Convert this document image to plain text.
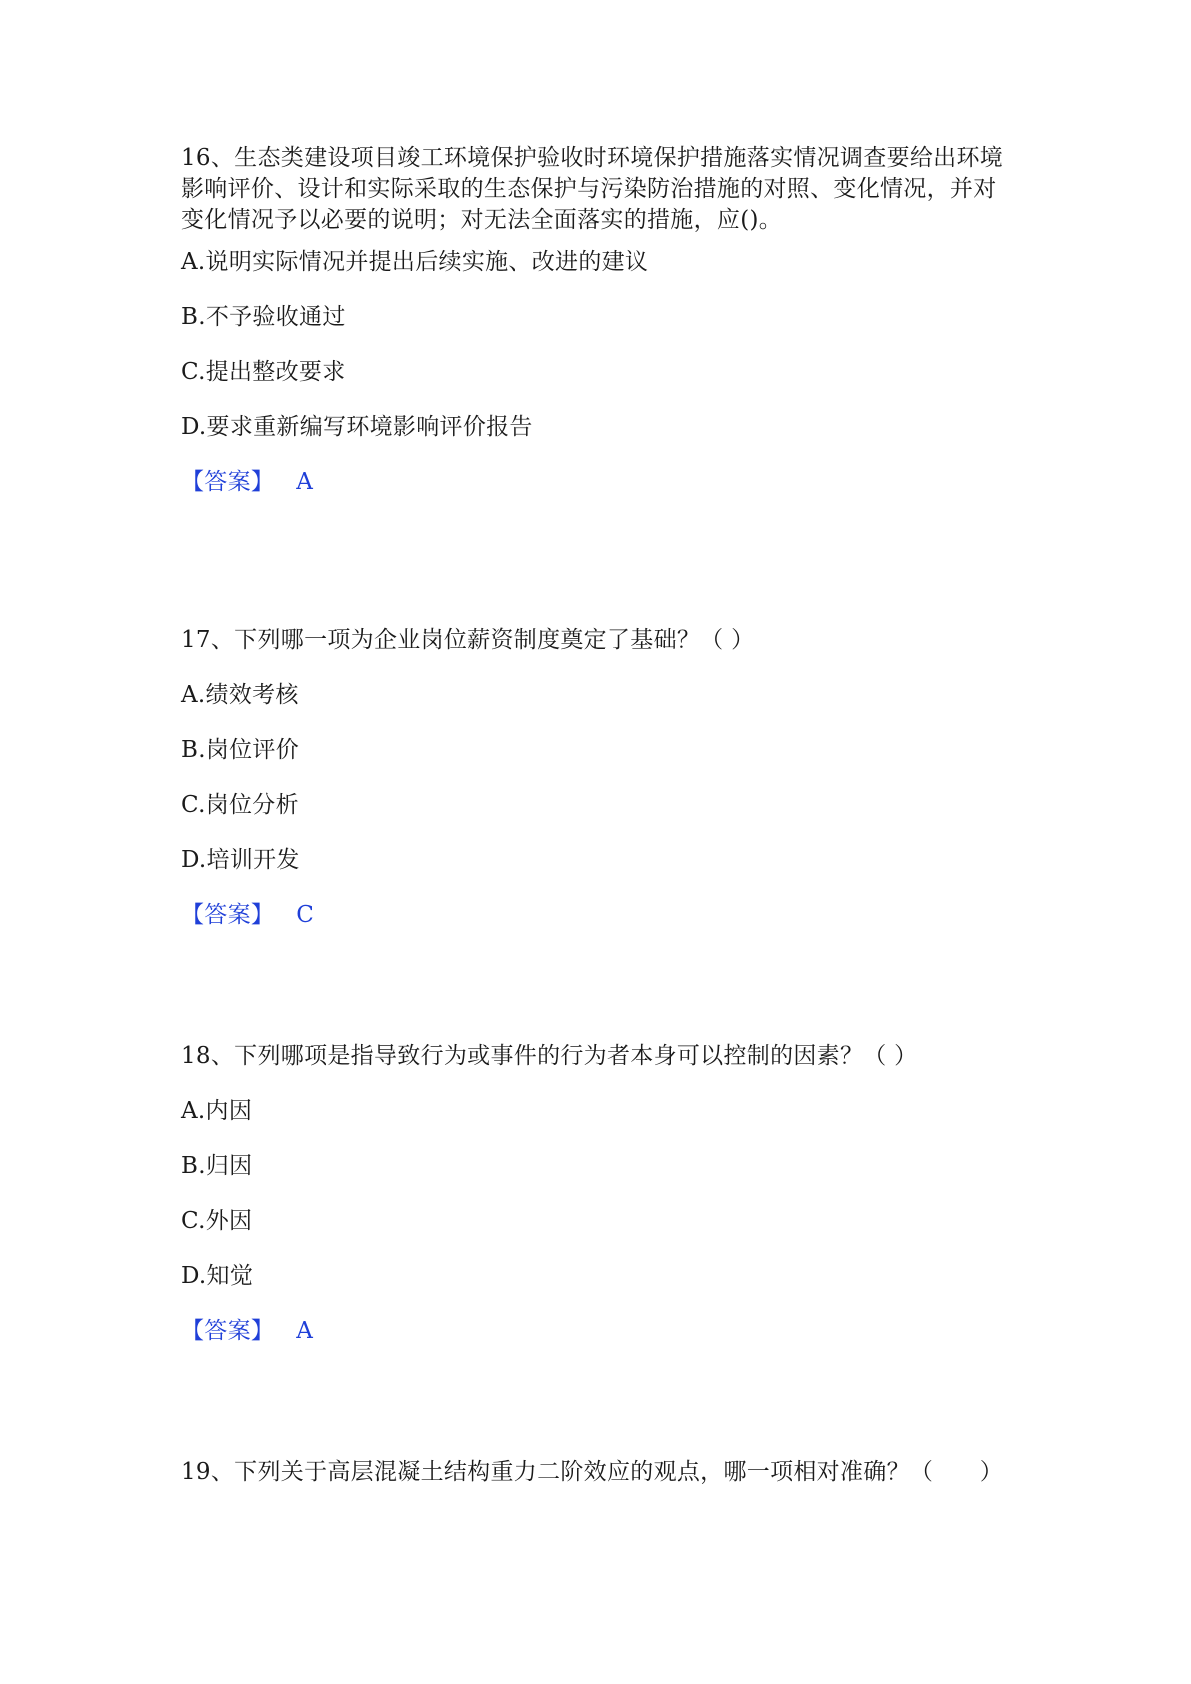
16、生态类建设项目竣工环境保护验收时环境保护措施落实情况调查要给出环境影响评价、设计和实际采取的生态保护与污染防治措施的对照、变化情况，并对变化情况予以必要的说明；对无法全面落实的措施，应()。

A.说明实际情况并提出后续实施、改进的建议

B.不予验收通过

C.提出整改要求

D.要求重新编写环境影响评价报告

【答案】 A

17、下列哪一项为企业岗位薪资制度奠定了基础？（ ）

A.绩效考核

B.岗位评价

C.岗位分析

D.培训开发

【答案】 C

18、下列哪项是指导致行为或事件的行为者本身可以控制的因素？（ ）

A.内因

B.归因

C.外因

D.知觉

【答案】 A

19、下列关于高层混凝土结构重力二阶效应的观点，哪一项相对准确？（　　）
